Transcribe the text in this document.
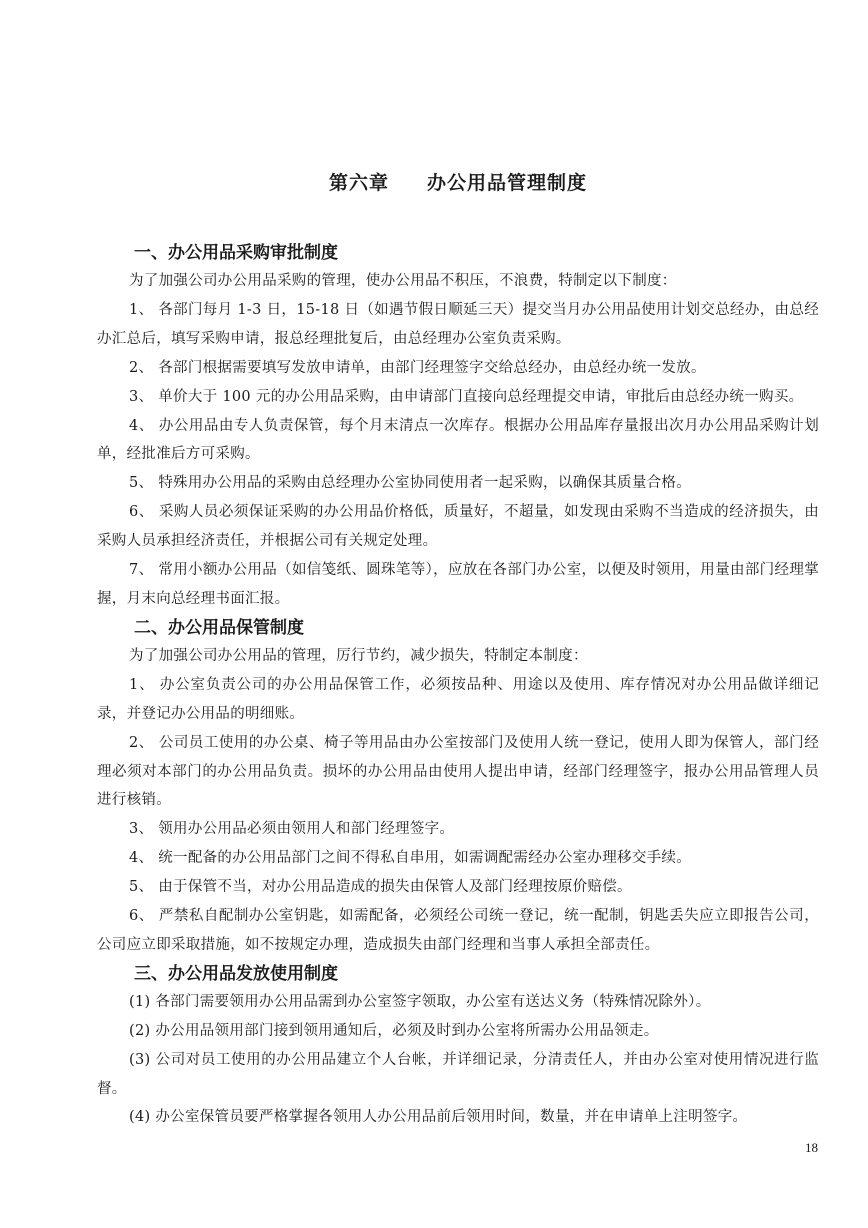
第六章     办公用品管理制度
一、办公用品采购审批制度

为了加强公司办公用品采购的管理，使办公用品不积压，不浪费，特制定以下制度：

1、 各部门每月 1-3 日，15-18 日（如遇节假日顺延三天）提交当月办公用品使用计划交总经办，由总经办汇总后，填写采购申请，报总经理批复后，由总经理办公室负责采购。

2、 各部门根据需要填写发放申请单，由部门经理签字交给总经办，由总经办统一发放。

3、 单价大于 100 元的办公用品采购，由申请部门直接向总经理提交申请，审批后由总经办统一购买。

4、 办公用品由专人负责保管，每个月末清点一次库存。根据办公用品库存量报出次月办公用品采购计划单，经批准后方可采购。

5、 特殊用办公用品的采购由总经理办公室协同使用者一起采购，以确保其质量合格。

6、 采购人员必须保证采购的办公用品价格低，质量好，不超量，如发现由采购不当造成的经济损失，由采购人员承担经济责任，并根据公司有关规定处理。

7、 常用小额办公用品（如信笺纸、圆珠笔等），应放在各部门办公室，以便及时领用，用量由部门经理掌握，月末向总经理书面汇报。

二、办公用品保管制度

为了加强公司办公用品的管理，厉行节约，减少损失，特制定本制度：

1、 办公室负责公司的办公用品保管工作，必须按品种、用途以及使用、库存情况对办公用品做详细记录，并登记办公用品的明细账。

2、 公司员工使用的办公桌、椅子等用品由办公室按部门及使用人统一登记，使用人即为保管人，部门经理必须对本部门的办公用品负责。损坏的办公用品由使用人提出申请，经部门经理签字，报办公用品管理人员进行核销。

3、 领用办公用品必须由领用人和部门经理签字。

4、 统一配备的办公用品部门之间不得私自串用，如需调配需经办公室办理移交手续。

5、 由于保管不当，对办公用品造成的损失由保管人及部门经理按原价赔偿。

6、 严禁私自配制办公室钥匙，如需配备，必须经公司统一登记，统一配制，钥匙丢失应立即报告公司，公司应立即采取措施，如不按规定办理，造成损失由部门经理和当事人承担全部责任。

三、办公用品发放使用制度

(1) 各部门需要领用办公用品需到办公室签字领取，办公室有送达义务（特殊情况除外）。

(2) 办公用品领用部门接到领用通知后，必须及时到办公室将所需办公用品领走。

(3) 公司对员工使用的办公用品建立个人台帐，并详细记录，分清责任人，并由办公室对使用情况进行监督。

(4) 办公室保管员要严格掌握各领用人办公用品前后领用时间，数量，并在申请单上注明签字。

18
